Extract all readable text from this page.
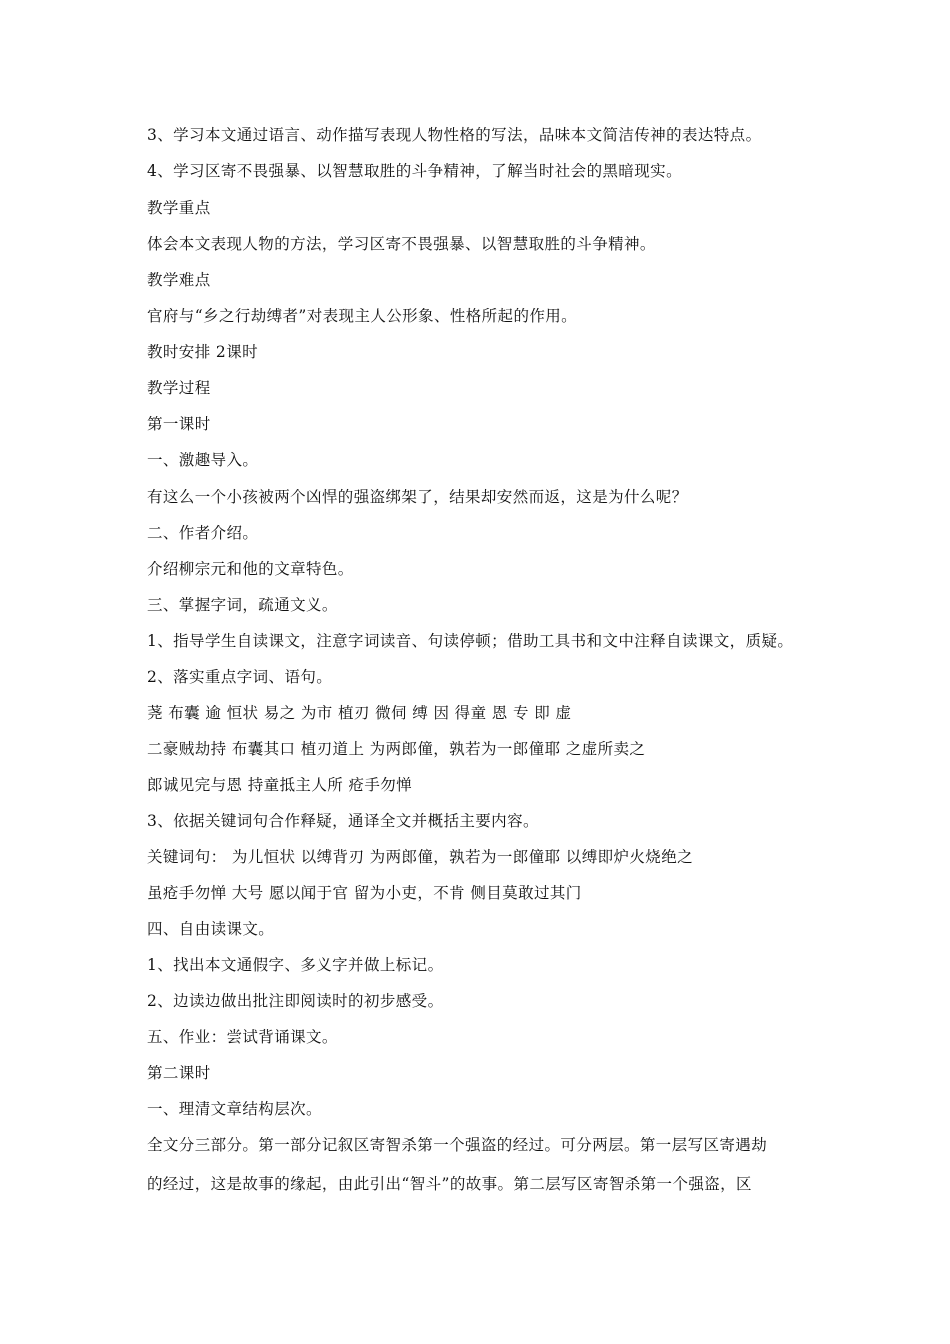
3、学习本文通过语言、动作描写表现人物性格的写法，品味本文简洁传神的表达特点。
4、学习区寄不畏强暴、以智慧取胜的斗争精神，了解当时社会的黑暗现实。
教学重点
体会本文表现人物的方法，学习区寄不畏强暴、以智慧取胜的斗争精神。
教学难点
官府与“乡之行劫缚者”对表现主人公形象、性格所起的作用。
教时安排 2课时
教学过程
第一课时
一、激趣导入。
有这么一个小孩被两个凶悍的强盗绑架了，结果却安然而返，这是为什么呢？
二、作者介绍。
介绍柳宗元和他的文章特色。
三、掌握字词，疏通文义。
1、指导学生自读课文，注意字词读音、句读停顿；借助工具书和文中注释自读课文，质疑。
2、落实重点字词、语句。
荛 布囊 逾 恒状 易之 为市 植刃 微伺 缚 因 得童 恩 专 即 虚
二豪贼劫持 布囊其口 植刃道上 为两郎僮，孰若为一郎僮耶 之虚所卖之
郎诚见完与恩 持童抵主人所 疮手勿惮
3、依据关键词句合作释疑，通译全文并概括主要内容。
关键词句： 为儿恒状 以缚背刃 为两郎僮，孰若为一郎僮耶 以缚即炉火烧绝之
虽疮手勿惮 大号 愿以闻于官 留为小吏，不肯 侧目莫敢过其门
四、自由读课文。
1、找出本文通假字、多义字并做上标记。
2、边读边做出批注即阅读时的初步感受。
五、作业：尝试背诵课文。
第二课时
一、理清文章结构层次。
全文分三部分。第一部分记叙区寄智杀第一个强盗的经过。可分两层。第一层写区寄遇劫
的经过，这是故事的缘起，由此引出“智斗”的故事。第二层写区寄智杀第一个强盗，区
